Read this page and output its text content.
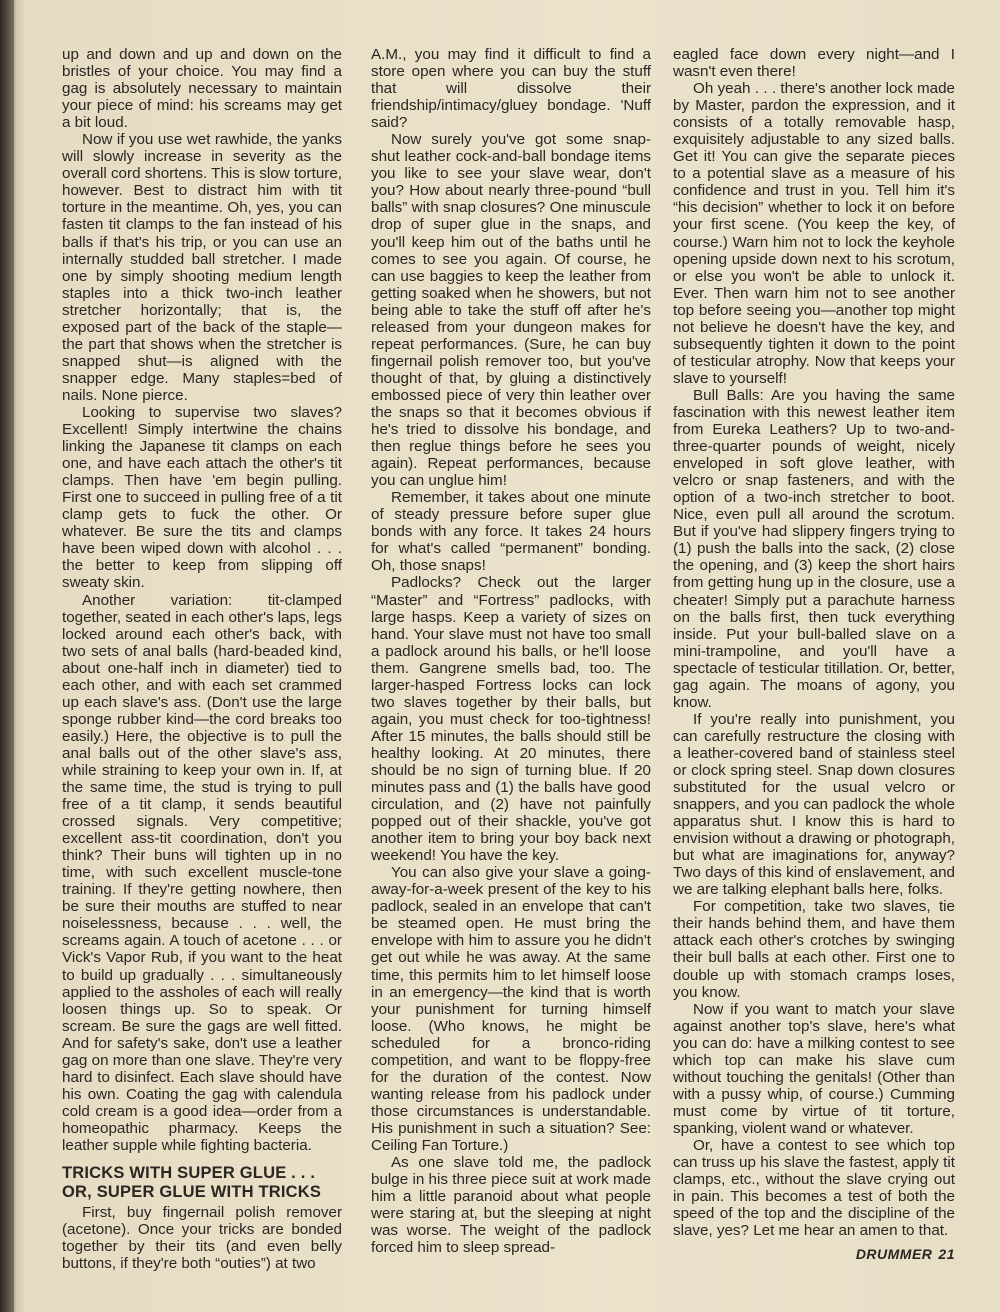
up and down and up and down on the bristles of your choice. You may find a gag is absolutely necessary to maintain your piece of mind: his screams may get a bit loud.

Now if you use wet rawhide, the yanks will slowly increase in severity as the overall cord shortens. This is slow torture, however. Best to distract him with tit torture in the meantime. Oh, yes, you can fasten tit clamps to the fan instead of his balls if that's his trip, or you can use an internally studded ball stretcher. I made one by simply shooting medium length staples into a thick two-inch leather stretcher horizontally; that is, the exposed part of the back of the staple—the part that shows when the stretcher is snapped shut—is aligned with the snapper edge. Many staples=bed of nails. None pierce.

Looking to supervise two slaves? Excellent! Simply intertwine the chains linking the Japanese tit clamps on each one, and have each attach the other's tit clamps. Then have 'em begin pulling. First one to succeed in pulling free of a tit clamp gets to fuck the other. Or whatever. Be sure the tits and clamps have been wiped down with alcohol . . . the better to keep from slipping off sweaty skin.

Another variation: tit-clamped together, seated in each other's laps, legs locked around each other's back, with two sets of anal balls (hard-beaded kind, about one-half inch in diameter) tied to each other, and with each set crammed up each slave's ass. (Don't use the large sponge rubber kind—the cord breaks too easily.) Here, the objective is to pull the anal balls out of the other slave's ass, while straining to keep your own in. If, at the same time, the stud is trying to pull free of a tit clamp, it sends beautiful crossed signals. Very competitive; excellent ass-tit coordination, don't you think? Their buns will tighten up in no time, with such excellent muscle-tone training. If they're getting nowhere, then be sure their mouths are stuffed to near noiselessness, because . . . well, the screams again. A touch of acetone . . . or Vick's Vapor Rub, if you want to the heat to build up gradually . . . simultaneously applied to the assholes of each will really loosen things up. So to speak. Or scream. Be sure the gags are well fitted. And for safety's sake, don't use a leather gag on more than one slave. They're very hard to disinfect. Each slave should have his own. Coating the gag with calendula cold cream is a good idea—order from a homeopathic pharmacy. Keeps the leather supple while fighting bacteria.

TRICKS WITH SUPER GLUE . . . OR, SUPER GLUE WITH TRICKS

First, buy fingernail polish remover (acetone). Once your tricks are bonded together by their tits (and even belly buttons, if they're both “outies”) at two

A.M., you may find it difficult to find a store open where you can buy the stuff that will dissolve their friendship/intimacy/gluey bondage. 'Nuff said?

Now surely you've got some snap-shut leather cock-and-ball bondage items you like to see your slave wear, don't you? How about nearly three-pound “bull balls” with snap closures? One minuscule drop of super glue in the snaps, and you'll keep him out of the baths until he comes to see you again. Of course, he can use baggies to keep the leather from getting soaked when he showers, but not being able to take the stuff off after he's released from your dungeon makes for repeat performances. (Sure, he can buy fingernail polish remover too, but you've thought of that, by gluing a distinctively embossed piece of very thin leather over the snaps so that it becomes obvious if he's tried to dissolve his bondage, and then reglue things before he sees you again). Repeat performances, because you can unglue him!

Remember, it takes about one minute of steady pressure before super glue bonds with any force. It takes 24 hours for what's called “permanent” bonding. Oh, those snaps!

Padlocks? Check out the larger “Master” and “Fortress” padlocks, with large hasps. Keep a variety of sizes on hand. Your slave must not have too small a padlock around his balls, or he'll loose them. Gangrene smells bad, too. The larger-hasped Fortress locks can lock two slaves together by their balls, but again, you must check for too-tightness! After 15 minutes, the balls should still be healthy looking. At 20 minutes, there should be no sign of turning blue. If 20 minutes pass and (1) the balls have good circulation, and (2) have not painfully popped out of their shackle, you've got another item to bring your boy back next weekend! You have the key.

You can also give your slave a going-away-for-a-week present of the key to his padlock, sealed in an envelope that can't be steamed open. He must bring the envelope with him to assure you he didn't get out while he was away. At the same time, this permits him to let himself loose in an emergency—the kind that is worth your punishment for turning himself loose. (Who knows, he might be scheduled for a bronco-riding competition, and want to be floppy-free for the duration of the contest. Now wanting release from his padlock under those circumstances is understandable. His punishment in such a situation? See: Ceiling Fan Torture.)

As one slave told me, the padlock bulge in his three piece suit at work made him a little paranoid about what people were staring at, but the sleeping at night was worse. The weight of the padlock forced him to sleep spread-

eagled face down every night—and I wasn't even there!

Oh yeah . . . there's another lock made by Master, pardon the expression, and it consists of a totally removable hasp, exquisitely adjustable to any sized balls. Get it! You can give the separate pieces to a potential slave as a measure of his confidence and trust in you. Tell him it's “his decision” whether to lock it on before your first scene. (You keep the key, of course.) Warn him not to lock the keyhole opening upside down next to his scrotum, or else you won't be able to unlock it. Ever. Then warn him not to see another top before seeing you—another top might not believe he doesn't have the key, and subsequently tighten it down to the point of testicular atrophy. Now that keeps your slave to yourself!

Bull Balls: Are you having the same fascination with this newest leather item from Eureka Leathers? Up to two-and-three-quarter pounds of weight, nicely enveloped in soft glove leather, with velcro or snap fasteners, and with the option of a two-inch stretcher to boot. Nice, even pull all around the scrotum. But if you've had slippery fingers trying to (1) push the balls into the sack, (2) close the opening, and (3) keep the short hairs from getting hung up in the closure, use a cheater! Simply put a parachute harness on the balls first, then tuck everything inside. Put your bull-balled slave on a mini-trampoline, and you'll have a spectacle of testicular titillation. Or, better, gag again. The moans of agony, you know.

If you're really into punishment, you can carefully restructure the closing with a leather-covered band of stainless steel or clock spring steel. Snap down closures substituted for the usual velcro or snappers, and you can padlock the whole apparatus shut. I know this is hard to envision without a drawing or photograph, but what are imaginations for, anyway? Two days of this kind of enslavement, and we are talking elephant balls here, folks.

For competition, take two slaves, tie their hands behind them, and have them attack each other's crotches by swinging their bull balls at each other. First one to double up with stomach cramps loses, you know.

Now if you want to match your slave against another top's slave, here's what you can do: have a milking contest to see which top can make his slave cum without touching the genitals! (Other than with a pussy whip, of course.) Cumming must come by virtue of tit torture, spanking, violent wand or whatever.

Or, have a contest to see which top can truss up his slave the fastest, apply tit clamps, etc., without the slave crying out in pain. This becomes a test of both the speed of the top and the discipline of the slave, yes? Let me hear an amen to that.

DRUMMER 21
